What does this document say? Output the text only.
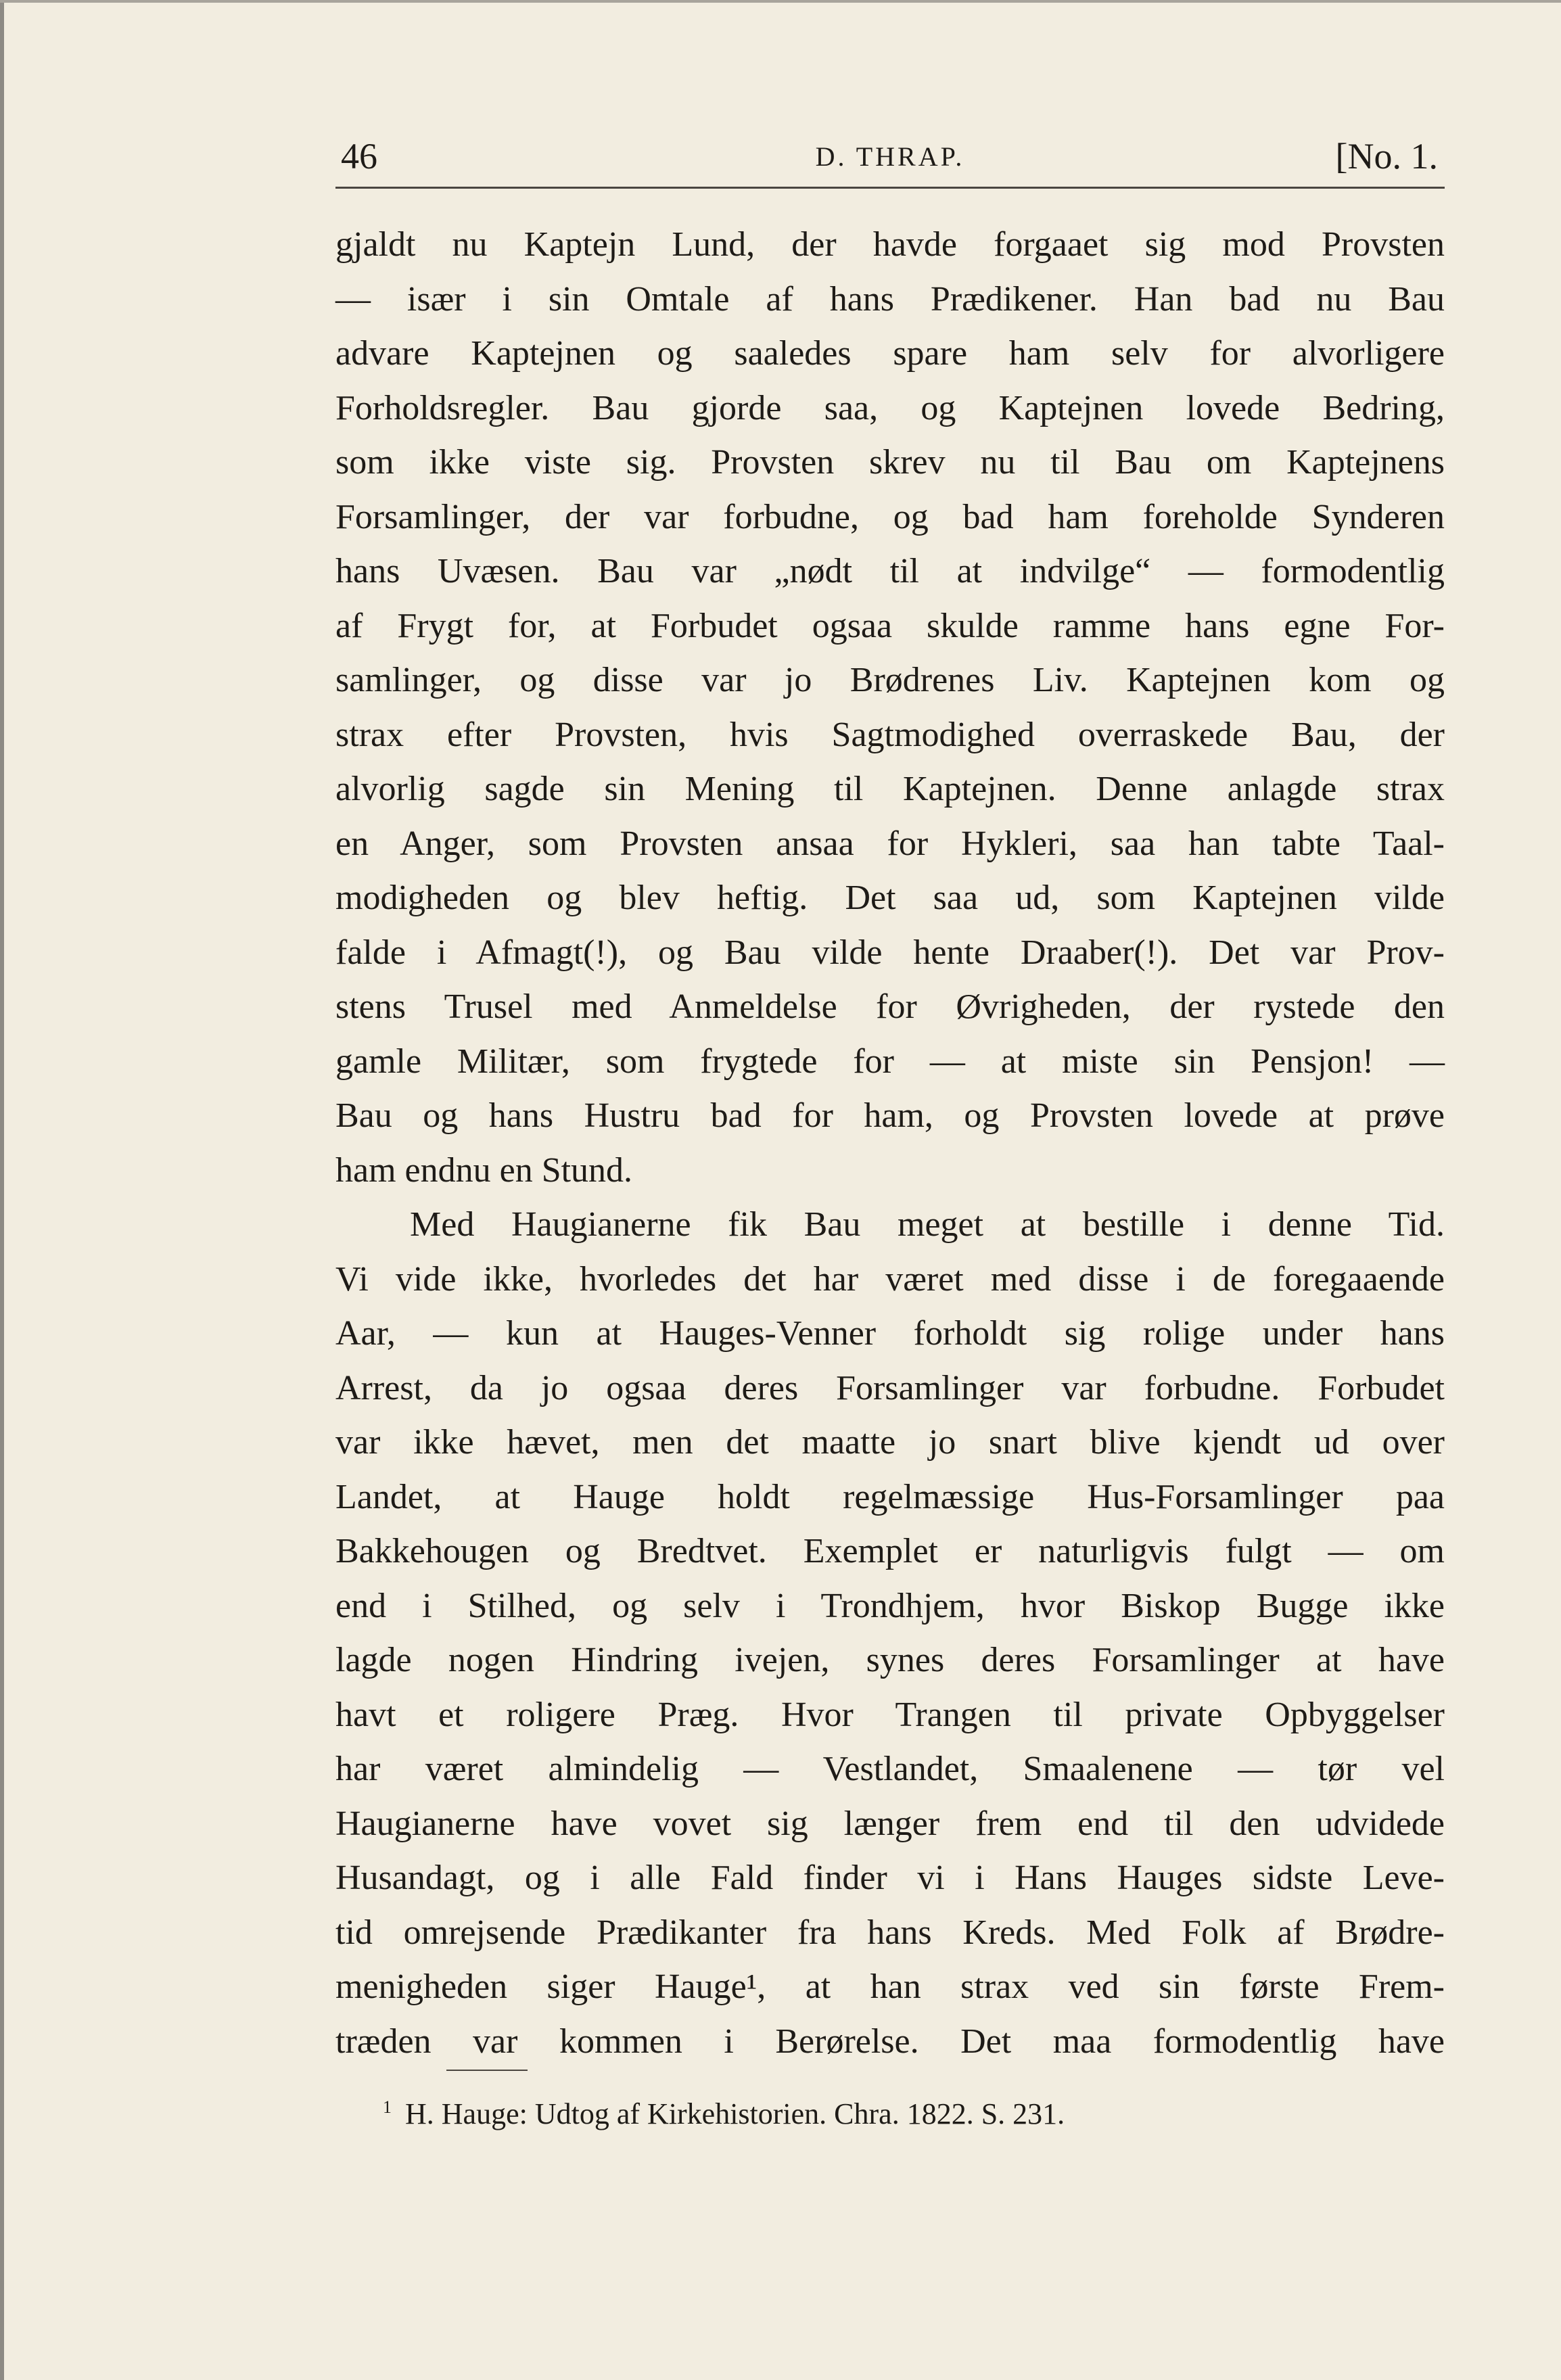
46	D. THRAP.	[No. 1.
gjaldt nu Kaptejn Lund, der havde forgaaet sig mod Provsten
— især i sin Omtale af hans Prædikener. Han bad nu Bau
advare Kaptejnen og saaledes spare ham selv for alvorligere
Forholdsregler. Bau gjorde saa, og Kaptejnen lovede Bedring,
som ikke viste sig. Provsten skrev nu til Bau om Kaptejnens
Forsamlinger, der var forbudne, og bad ham foreholde Synderen
hans Uvæsen. Bau var „nødt til at indvilge“ — formodentlig
af Frygt for, at Forbudet ogsaa skulde ramme hans egne For-
samlinger, og disse var jo Brødrenes Liv. Kaptejnen kom og
strax efter Provsten, hvis Sagtmodighed overraskede Bau, der
alvorlig sagde sin Mening til Kaptejnen. Denne anlagde strax
en Anger, som Provsten ansaa for Hykleri, saa han tabte Taal-
modigheden og blev heftig. Det saa ud, som Kaptejnen vilde
falde i Afmagt(!), og Bau vilde hente Draaber(!). Det var Prov-
stens Trusel med Anmeldelse for Øvrigheden, der rystede den
gamle Militær, som frygtede for — at miste sin Pensjon! —
Bau og hans Hustru bad for ham, og Provsten lovede at prøve
ham endnu en Stund.
Med Haugianerne fik Bau meget at bestille i denne Tid.
Vi vide ikke, hvorledes det har været med disse i de foregaaende
Aar, — kun at Hauges-Venner forholdt sig rolige under hans
Arrest, da jo ogsaa deres Forsamlinger var forbudne. Forbudet
var ikke hævet, men det maatte jo snart blive kjendt ud over
Landet, at Hauge holdt regelmæssige Hus-Forsamlinger paa
Bakkehougen og Bredtvet. Exemplet er naturligvis fulgt — om
end i Stilhed, og selv i Trondhjem, hvor Biskop Bugge ikke
lagde nogen Hindring ivejen, synes deres Forsamlinger at have
havt et roligere Præg. Hvor Trangen til private Opbyggelser
har været almindelig — Vestlandet, Smaalenene — tør vel
Haugianerne have vovet sig længer frem end til den udvidede
Husandagt, og i alle Fald finder vi i Hans Hauges sidste Leve-
tid omrejsende Prædikanter fra hans Kreds. Med Folk af Brødre-
menigheden siger Hauge¹, at han strax ved sin første Frem-
træden var kommen i Berørelse. Det maa formodentlig have
$^1$ H. Hauge: Udtog af Kirkehistorien. Chra. 1822. S. 231.
